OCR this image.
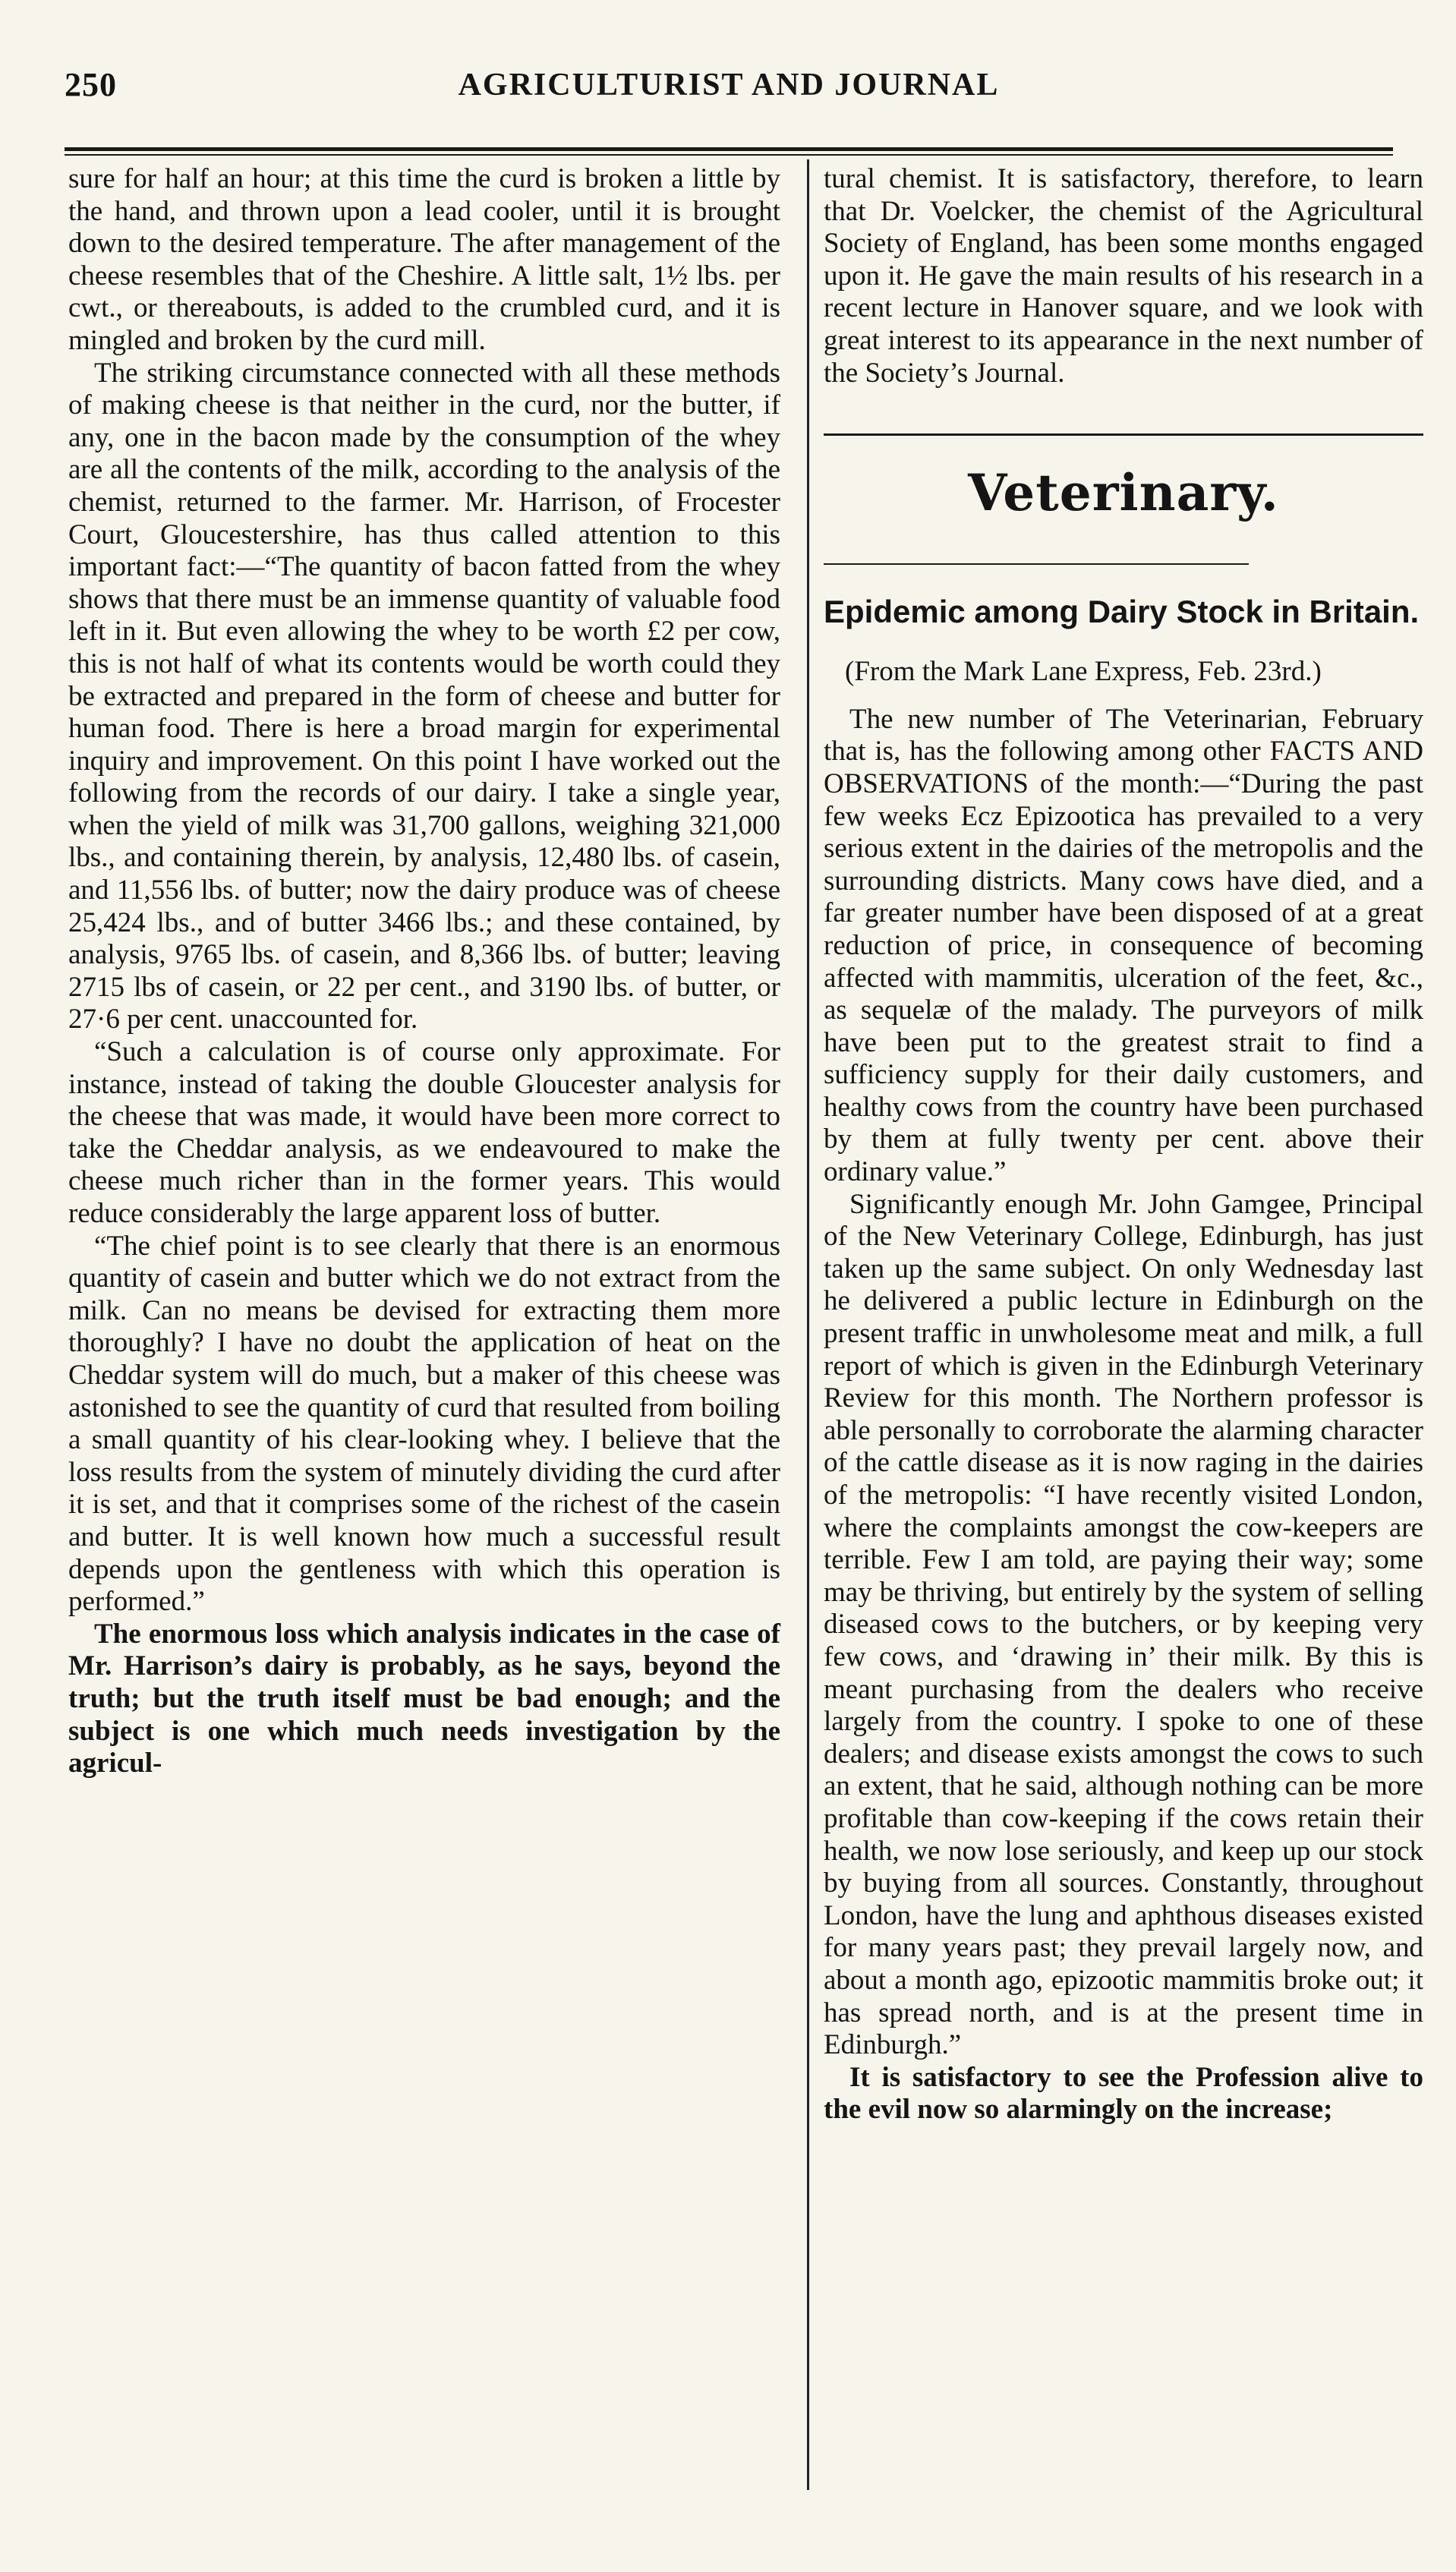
250	AGRICULTURIST AND JOURNAL

sure for half an hour; at this time the curd is broken a little by the hand, and thrown upon a lead cooler, until it is brought down to the desired temperature. The after management of the cheese resembles that of the Cheshire. A little salt, 1½ lbs. per cwt., or thereabouts, is added to the crumbled curd, and it is mingled and broken by the curd mill.

The striking circumstance connected with all these methods of making cheese is that neither in the curd, nor the butter, if any, one in the bacon made by the consumption of the whey are all the contents of the milk, according to the analysis of the chemist, returned to the farmer. Mr. Harrison, of Frocester Court, Gloucestershire, has thus called attention to this important fact:—“The quantity of bacon fatted from the whey shows that there must be an immense quantity of valuable food left in it. But even allowing the whey to be worth £2 per cow, this is not half of what its contents would be worth could they be extracted and prepared in the form of cheese and butter for human food. There is here a broad margin for experimental inquiry and improvement. On this point I have worked out the following from the records of our dairy. I take a single year, when the yield of milk was 31,700 gallons, weighing 321,000 lbs., and containing therein, by analysis, 12,480 lbs. of casein, and 11,556 lbs. of butter; now the dairy produce was of cheese 25,424 lbs., and of butter 3466 lbs.; and these contained, by analysis, 9765 lbs. of casein, and 8,366 lbs. of butter; leaving 2715 lbs of casein, or 22 per cent., and 3190 lbs. of butter, or 27·6 per cent. unaccounted for.

“Such a calculation is of course only approximate. For instance, instead of taking the double Gloucester analysis for the cheese that was made, it would have been more correct to take the Cheddar analysis, as we endeavoured to make the cheese much richer than in the former years. This would reduce considerably the large apparent loss of butter.

“The chief point is to see clearly that there is an enormous quantity of casein and butter which we do not extract from the milk. Can no means be devised for extracting them more thoroughly? I have no doubt the application of heat on the Cheddar system will do much, but a maker of this cheese was astonished to see the quantity of curd that resulted from boiling a small quantity of his clear-looking whey. I believe that the loss results from the system of minutely dividing the curd after it is set, and that it comprises some of the richest of the casein and butter. It is well known how much a successful result depends upon the gentleness with which this operation is performed.”

The enormous loss which analysis indicates in the case of Mr. Harrison’s dairy is probably, as he says, beyond the truth; but the truth itself must be bad enough; and the subject is one which much needs investigation by the agricul-

tural chemist. It is satisfactory, therefore, to learn that Dr. Voelcker, the chemist of the Agricultural Society of England, has been some months engaged upon it. He gave the main results of his research in a recent lecture in Hanover square, and we look with great interest to its appearance in the next number of the Society’s Journal.

Veterinary.
Epidemic among Dairy Stock in Britain.

(From the Mark Lane Express, Feb. 23rd.)

The new number of The Veterinarian, February that is, has the following among other FACTS AND OBSERVATIONS of the month:—“During the past few weeks Ecz Epizootica has prevailed to a very serious extent in the dairies of the metropolis and the surrounding districts. Many cows have died, and a far greater number have been disposed of at a great reduction of price, in consequence of becoming affected with mammitis, ulceration of the feet, &c., as sequelæ of the malady. The purveyors of milk have been put to the greatest strait to find a sufficiency supply for their daily customers, and healthy cows from the country have been purchased by them at fully twenty per cent. above their ordinary value.”

Significantly enough Mr. John Gamgee, Principal of the New Veterinary College, Edinburgh, has just taken up the same subject. On only Wednesday last he delivered a public lecture in Edinburgh on the present traffic in unwholesome meat and milk, a full report of which is given in the Edinburgh Veterinary Review for this month. The Northern professor is able personally to corroborate the alarming character of the cattle disease as it is now raging in the dairies of the metropolis: “I have recently visited London, where the complaints amongst the cow-keepers are terrible. Few I am told, are paying their way; some may be thriving, but entirely by the system of selling diseased cows to the butchers, or by keeping very few cows, and ‘drawing in’ their milk. By this is meant purchasing from the dealers who receive largely from the country. I spoke to one of these dealers; and disease exists amongst the cows to such an extent, that he said, although nothing can be more profitable than cow-keeping if the cows retain their health, we now lose seriously, and keep up our stock by buying from all sources. Constantly, throughout London, have the lung and aphthous diseases existed for many years past; they prevail largely now, and about a month ago, epizootic mammitis broke out; it has spread north, and is at the present time in Edinburgh.”

It is satisfactory to see the Profession alive to the evil now so alarmingly on the increase;
